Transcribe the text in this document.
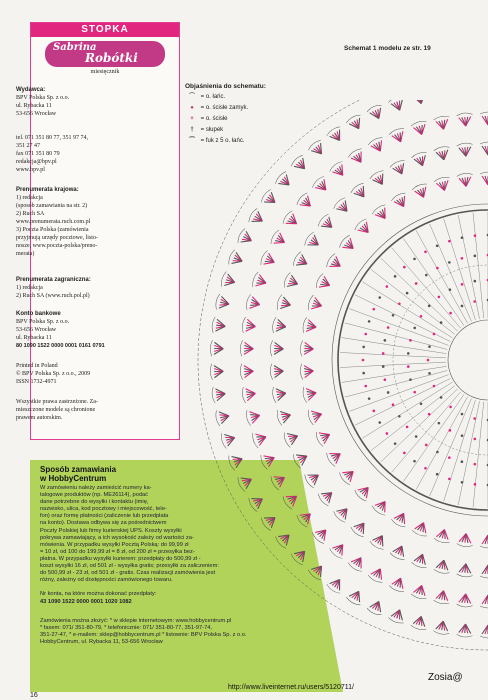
STOPKA
Sabrina
Robótki
miesięcznik
Wydawca:
BPV Polska Sp. z o.o.
ul. Rybacka 11
53-656 Wrocław
tel. 071 351 80 77, 351 97 74,
351 27 47
fax 071 351 80 79
redakcja@bpv.pl
www.bpv.pl
Prenumerata krajowa:
1) redakcja
(sposób zamawiania na str. 2)
2) Ruch SA
www.prenumerata.ruch.com.pl
3) Poczta Polska (zamówienia
przyjmują urzędy pocztowe, listo-
nosze, www.poczta-polska/preno-
merata)
Prenumerata zagraniczna:
1) redakcja
2) Ruch SA (www.ruch.pol.pl)
Konto bankowe
BPV Polska Sp. z o.o.
53-656 Wrocław
ul. Rybacka 11
80 1090 1522 0000 0001 0161 0791
Printed in Poland
© BPV Polska Sp. z o.o., 2009
ISSN 1732-4971
Wszystkie prawa zastrzeżone. Za-
mieszczone modele są chronione
prawem autorskim.
Sposób zamawiania
w HobbyCentrum
W zamówieniu należy zamieścić numery ka-
talogowe produktów (np. ME26114), podać
dane potrzebne do wysyłki i kontaktu (imię,
nazwisko, ulica, kod pocztowy i miejscowość, tele-
fon) oraz formę płatności (zaliczenie lub przedpłata
na konto). Dostawa odbywa się za pośrednictwem
Poczty Polskiej lub firmy kurierskiej UPS. Koszty wysyłki
pokrywa zamawiający, a ich wysokość zależy od wartości za-
mówienia. W przypadku wysyłki Pocztą Polską: do 99,99 zł
= 10 zł, od 100 do 199,99 zł = 8 zł, od 200 zł = przesyłka bez-
płatna. W przypadku wysyłki kurierem: przedpłaty do 500,99 zł -
koszt wysyłki 16 zł, od 501 zł - wysyłka gratis; przesyłki za zaliczeniem:
do 500,99 zł - 23 zł, od 501 zł - gratis. Czas realizacji zamówienia jest
różny, zależny od dostępności zamówionego towaru.
Nr konta, na które można dokonać przedpłaty:
43 1090 1522 0000 0001 1020 1082
Zamówienia można złożyć: * w sklepie internetowym: www.hobbycentrum.pl
* faxem: 071/ 351-80-79, * telefonicznie: 071/ 351-80-77, 351-97-74,
351-27-47, * e-mailem: sklep@hobbycentrum.pl * listownie: BPV Polska Sp. z o.o.
HobbyCentrum, ul. Rybacka 11, 53-656 Wrocław
16
Schemat 1 modelu ze str. 19
Objaśnienia do schematu:
⌒ = o. łańc.
● = o. ścisłe zamyk.
+ = o. ścisłe
† = słupek
⁀ = fuk z 5 o. łańc.
Zosia@
http://www.liveinternet.ru/users/5120711/
